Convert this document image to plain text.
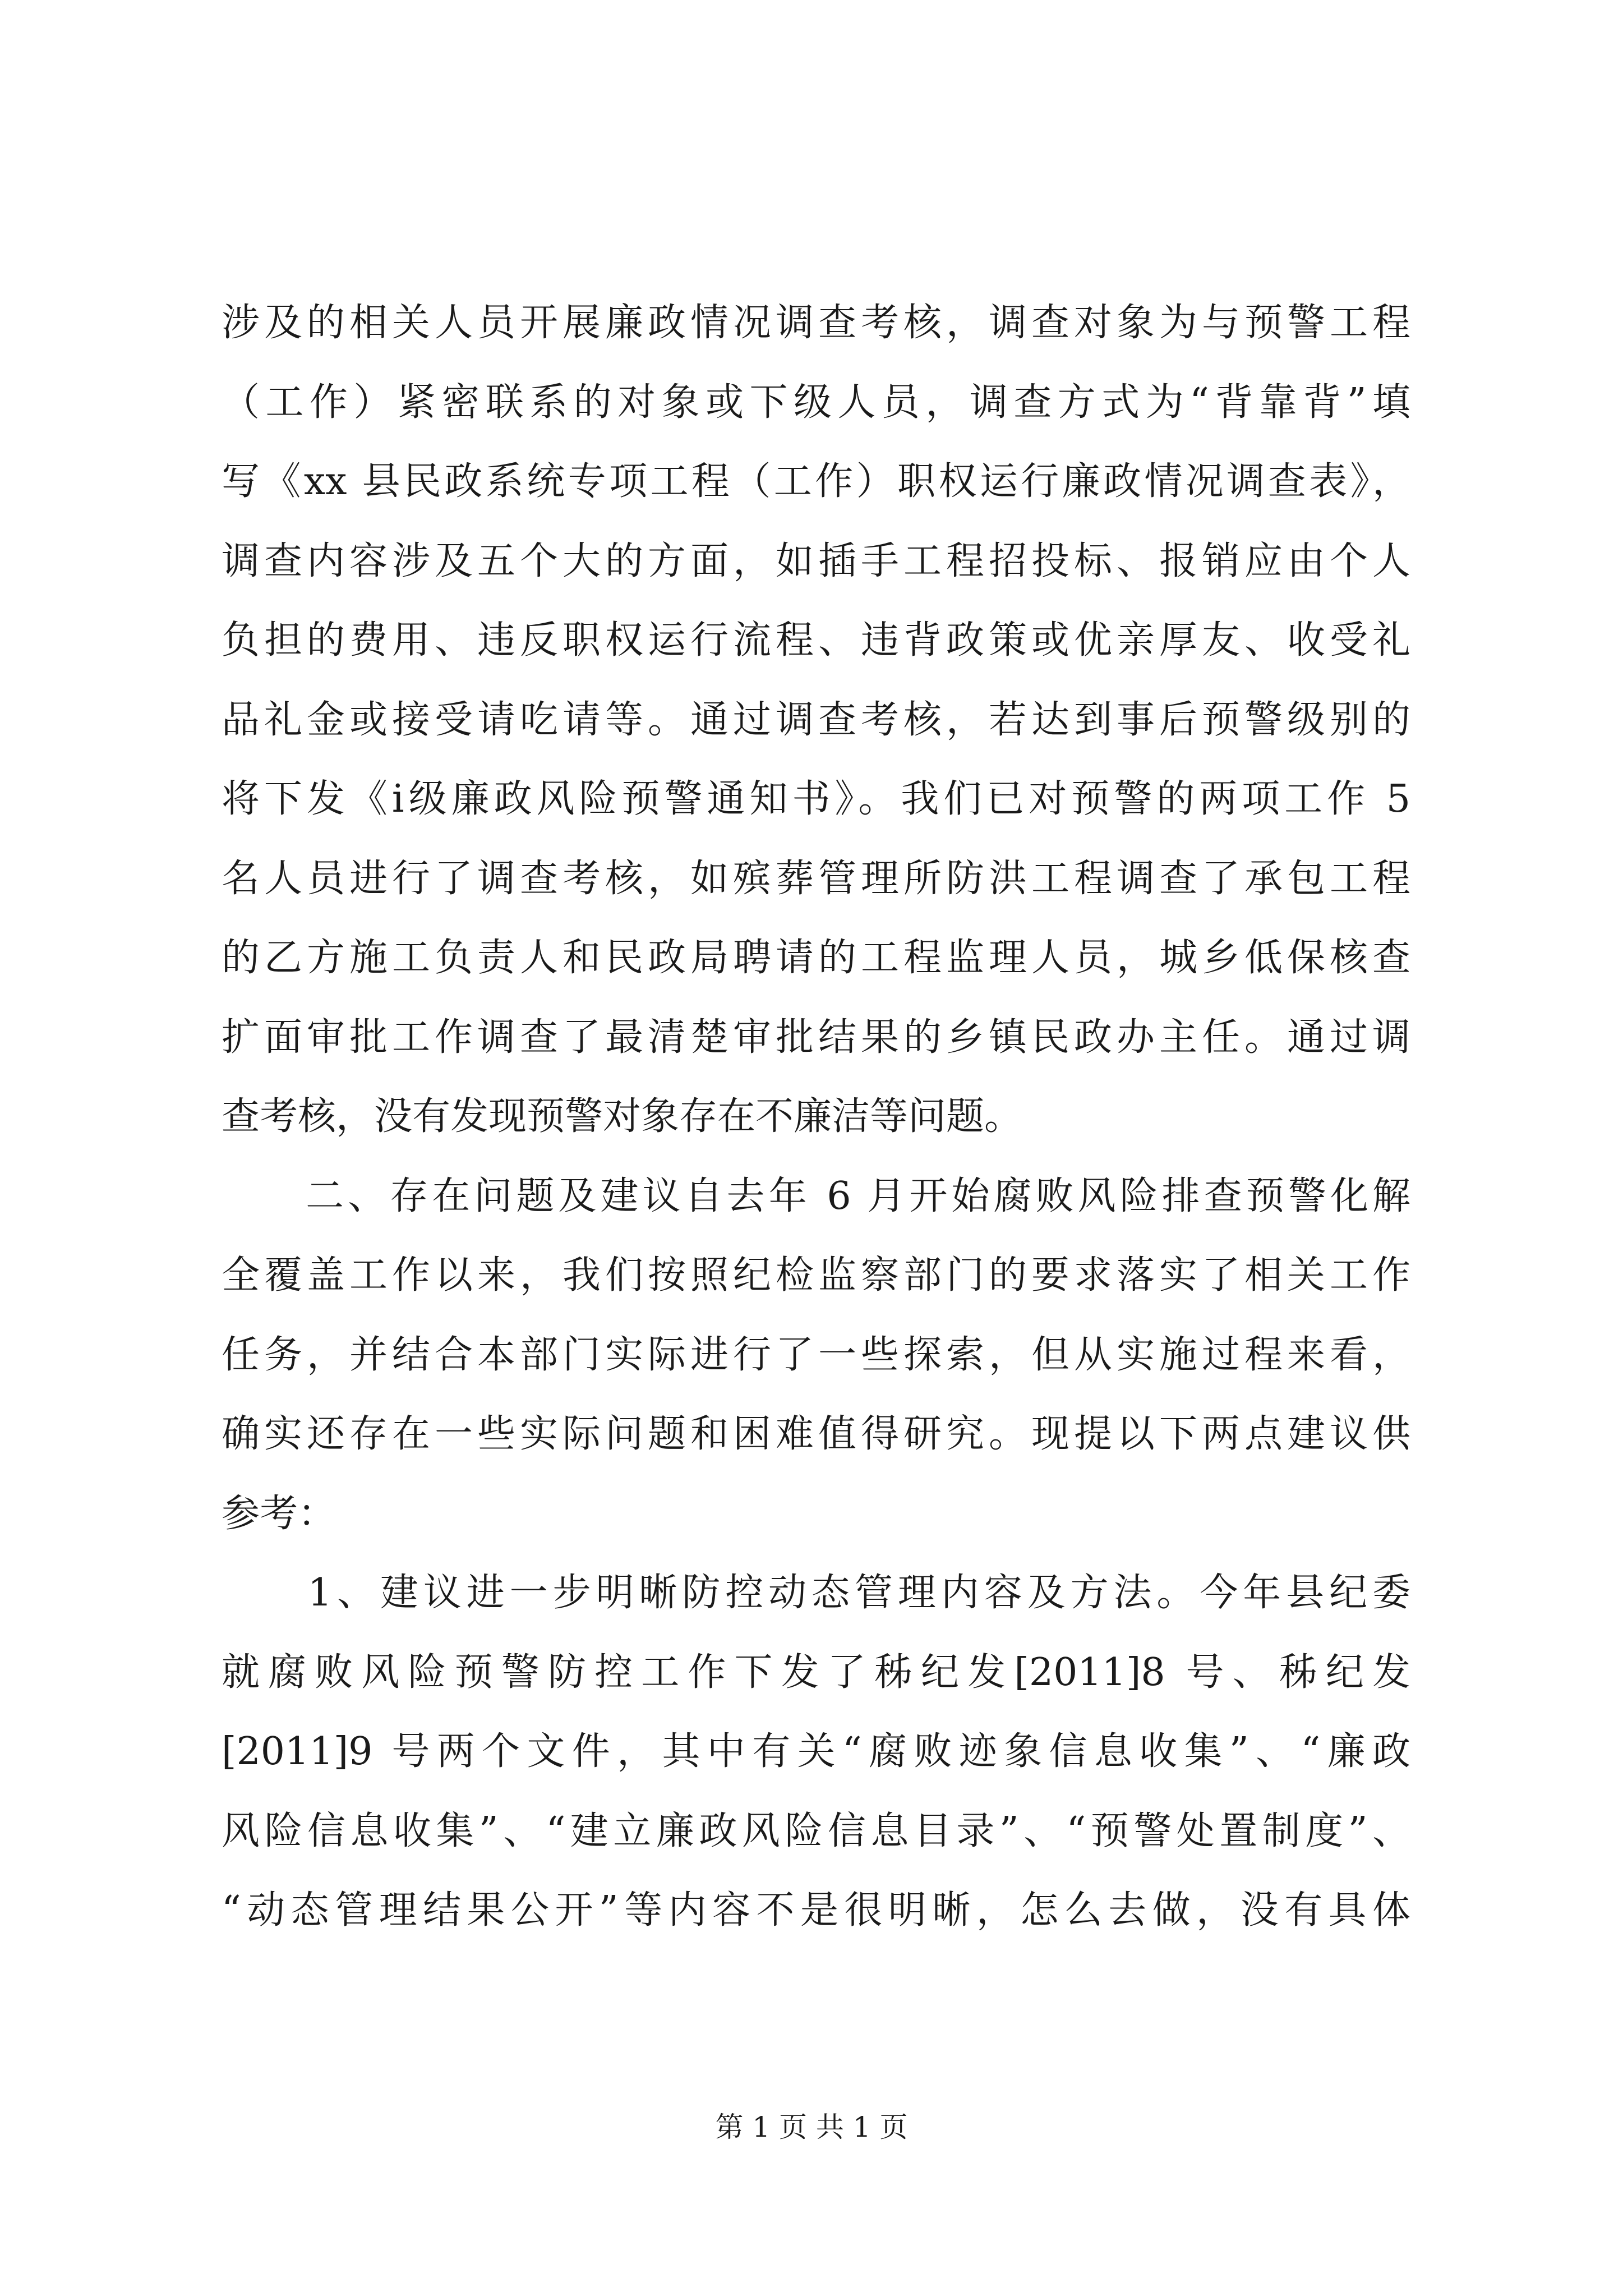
涉及的相关人员开展廉政情况调查考核，调查对象为与预警工程
（工作）紧密联系的对象或下级人员，调查方式为“背靠背”填
写《xx 县民政系统专项工程（工作）职权运行廉政情况调查表》，
调查内容涉及五个大的方面，如插手工程招投标、报销应由个人
负担的费用、违反职权运行流程、违背政策或优亲厚友、收受礼
品礼金或接受请吃请等。通过调查考核，若达到事后预警级别的
将下发《ⅰ级廉政风险预警通知书》。我们已对预警的两项工作 5
名人员进行了调查考核，如殡葬管理所防洪工程调查了承包工程
的乙方施工负责人和民政局聘请的工程监理人员，城乡低保核查
扩面审批工作调查了最清楚审批结果的乡镇民政办主任。通过调
查考核，没有发现预警对象存在不廉洁等问题。
　　二、存在问题及建议自去年 6 月开始腐败风险排查预警化解
全覆盖工作以来，我们按照纪检监察部门的要求落实了相关工作
任务，并结合本部门实际进行了一些探索，但从实施过程来看，
确实还存在一些实际问题和困难值得研究。现提以下两点建议供
参考：
　　1、建议进一步明晰防控动态管理内容及方法。今年县纪委
就腐败风险预警防控工作下发了秭纪发[2011]8 号、秭纪发
[2011]9 号两个文件，其中有关“腐败迹象信息收集”、“廉政
风险信息收集”、“建立廉政风险信息目录”、“预警处置制度”、
“动态管理结果公开”等内容不是很明晰，怎么去做，没有具体
第 1 页 共 1 页
